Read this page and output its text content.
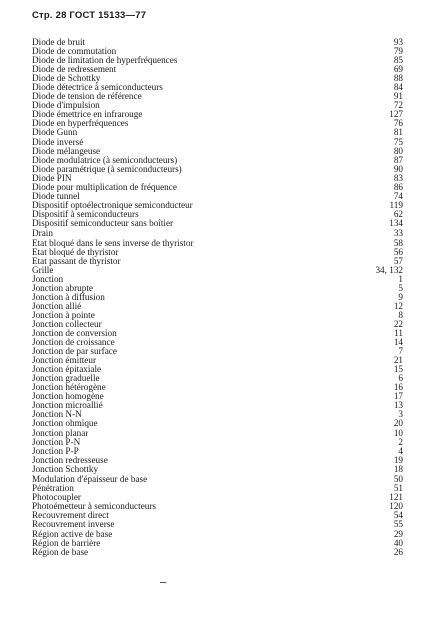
Стр. 28 ГОСТ 15133—77
Diode de bruit	93
Diode de commutation	79
Diode de limitation de hyperfréquences	85
Diode de redressement	69
Diode de Schottky	88
Diode détectrice à semiconducteurs	84
Diode de tension de référence	91
Diode d'impulsion	72
Diode émettrice en infrarouge	127
Diode en hyperfréquences	76
Diode Gunn	81
Diode inversé	75
Diode mélangeuse	80
Diode modulatrice (à semiconducteurs)	87
Diode paramétrique (à semiconducteurs)	90
Diode PIN	83
Diode pour multiplication de fréquence	86
Diode tunnel	74
Dispositif optoélectronique semiconducteur	119
Dispositif à semiconducteurs	62
Dispositif semiconducteur sans boîtier	134
Drain	33
Etat bloqué dans le sens inverse de thyristor	58
Etat bloqué de thyristor	56
Etat passant de thyristor	57
Grille	34, 132
Jonction	1
Jonction abrupte	5
Jonction à diffusion	9
Jonction allié	12
Jonction à pointe	8
Jonction collecteur	22
Jonction de conversion	11
Jonction de croissance	14
Jonction de par surface	7
Jonction émitteur	21
Jonction épitaxiale	15
Jonction graduelle	6
Jonction hétérogène	16
Jonction homogène	17
Jonction microallié	13
Jonction N-N	3
Jonction ohmique	20
Jonction planar	10
Jonction P-N	2
Jonction P-P	4
Jonction redresseuse	19
Jonction Schottky	18
Modulation d'épaisseur de base	50
Pénétration	51
Photocoupler	121
Photoémetteur à semiconducteurs	120
Recouvrement direct	54
Recouvrement inverse	55
Région active de base	29
Région de barrière	40
Région de base	26
